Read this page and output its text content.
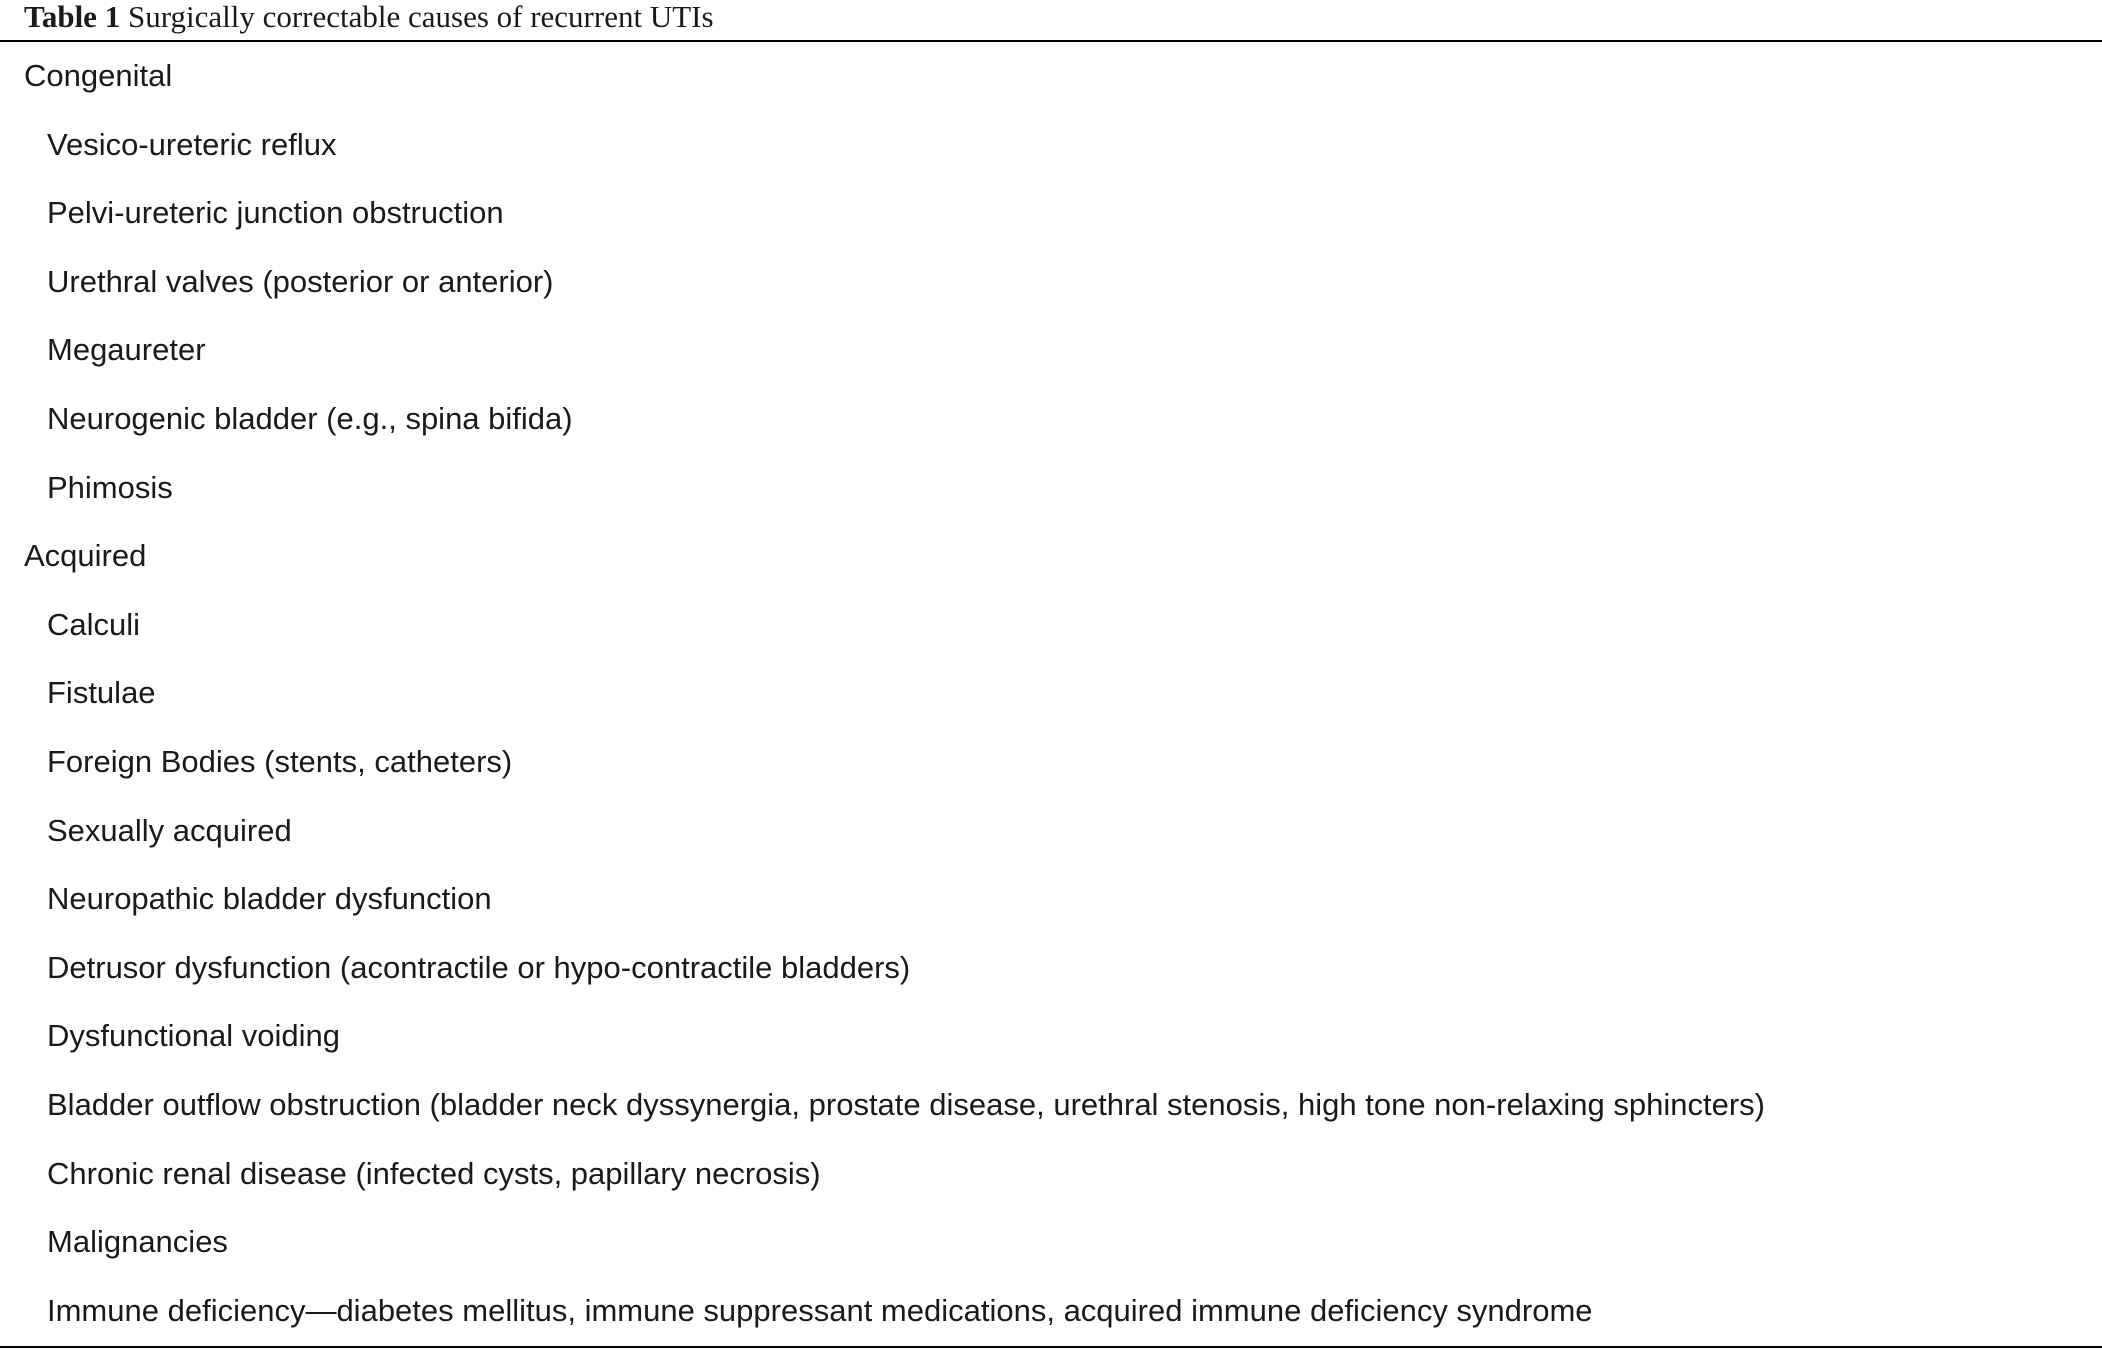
Table 1 Surgically correctable causes of recurrent UTIs
Congenital
Vesico-ureteric reflux
Pelvi-ureteric junction obstruction
Urethral valves (posterior or anterior)
Megaureter
Neurogenic bladder (e.g., spina bifida)
Phimosis
Acquired
Calculi
Fistulae
Foreign Bodies (stents, catheters)
Sexually acquired
Neuropathic bladder dysfunction
Detrusor dysfunction (acontractile or hypo-contractile bladders)
Dysfunctional voiding
Bladder outflow obstruction (bladder neck dyssynergia, prostate disease, urethral stenosis, high tone non-relaxing sphincters)
Chronic renal disease (infected cysts, papillary necrosis)
Malignancies
Immune deficiency—diabetes mellitus, immune suppressant medications, acquired immune deficiency syndrome
